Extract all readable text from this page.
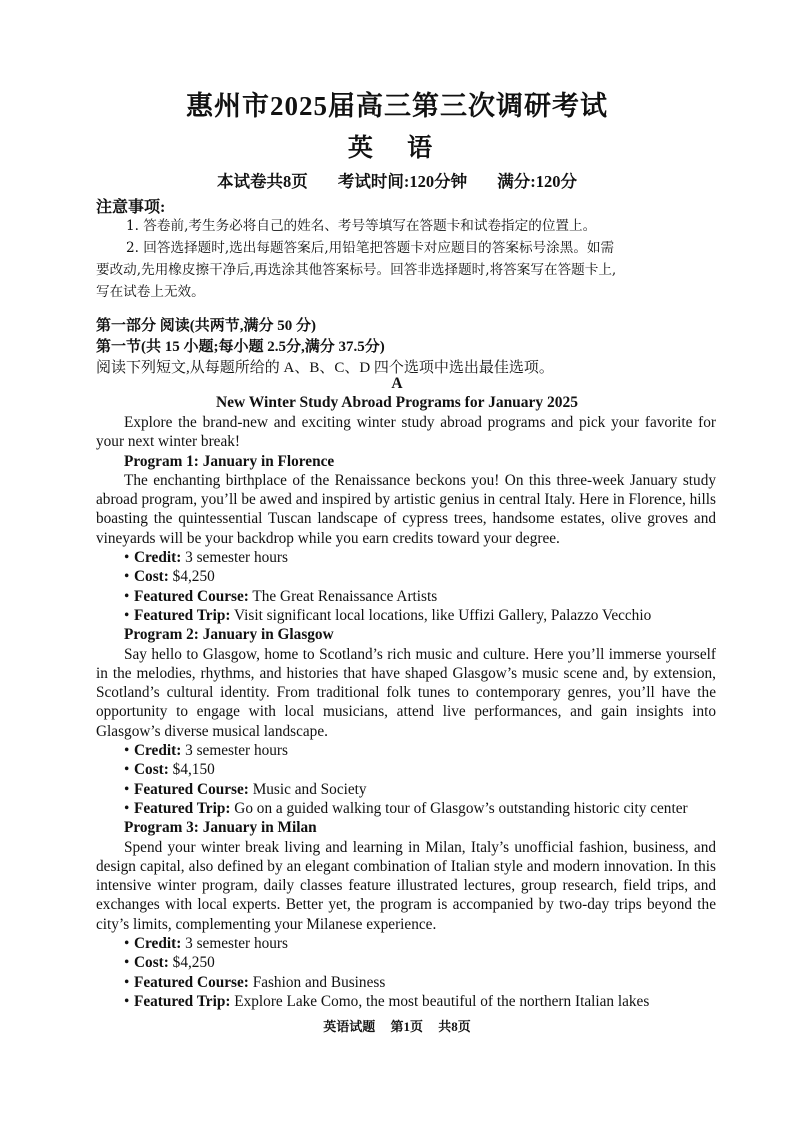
惠州市2025届高三第三次调研考试
英 语
本试卷共8页 考试时间:120分钟 满分:120分
注意事项:
1. 答卷前,考生务必将自己的姓名、考号等填写在答题卡和试卷指定的位置上。
2. 回答选择题时,选出每题答案后,用铅笔把答题卡对应题目的答案标号涂黑。如需
要改动,先用橡皮擦干净后,再选涂其他答案标号。回答非选择题时,将答案写在答题卡上,
写在试卷上无效。
第一部分 阅读(共两节,满分 50 分)
第一节(共 15 小题;每小题 2.5分,满分 37.5分)
阅读下列短文,从每题所给的 A、B、C、D 四个选项中选出最佳选项。
A
New Winter Study Abroad Programs for January 2025

Explore the brand-new and exciting winter study abroad programs and pick your favorite for your next winter break!

Program 1: January in Florence

The enchanting birthplace of the Renaissance beckons you! On this three-week January study abroad program, you’ll be awed and inspired by artistic genius in central Italy. Here in Florence, hills boasting the quintessential Tuscan landscape of cypress trees, handsome estates, olive groves and vineyards will be your backdrop while you earn credits toward your degree.

• Credit: 3 semester hours
• Cost: $4,250
• Featured Course: The Great Renaissance Artists
• Featured Trip: Visit significant local locations, like Uffizi Gallery, Palazzo Vecchio

Program 2: January in Glasgow

Say hello to Glasgow, home to Scotland’s rich music and culture. Here you’ll immerse yourself in the melodies, rhythms, and histories that have shaped Glasgow’s music scene and, by extension, Scotland’s cultural identity. From traditional folk tunes to contemporary genres, you’ll have the opportunity to engage with local musicians, attend live performances, and gain insights into Glasgow’s diverse musical landscape.

• Credit: 3 semester hours
• Cost: $4,150
• Featured Course: Music and Society
• Featured Trip: Go on a guided walking tour of Glasgow’s outstanding historic city center

Program 3: January in Milan

Spend your winter break living and learning in Milan, Italy’s unofficial fashion, business, and design capital, also defined by an elegant combination of Italian style and modern innovation. In this intensive winter program, daily classes feature illustrated lectures, group research, field trips, and exchanges with local experts. Better yet, the program is accompanied by two-day trips beyond the city’s limits, complementing your Milanese experience.

• Credit: 3 semester hours
• Cost: $4,250
• Featured Course: Fashion and Business
• Featured Trip: Explore Lake Como, the most beautiful of the northern Italian lakes
英语试题 第1页 共8页
